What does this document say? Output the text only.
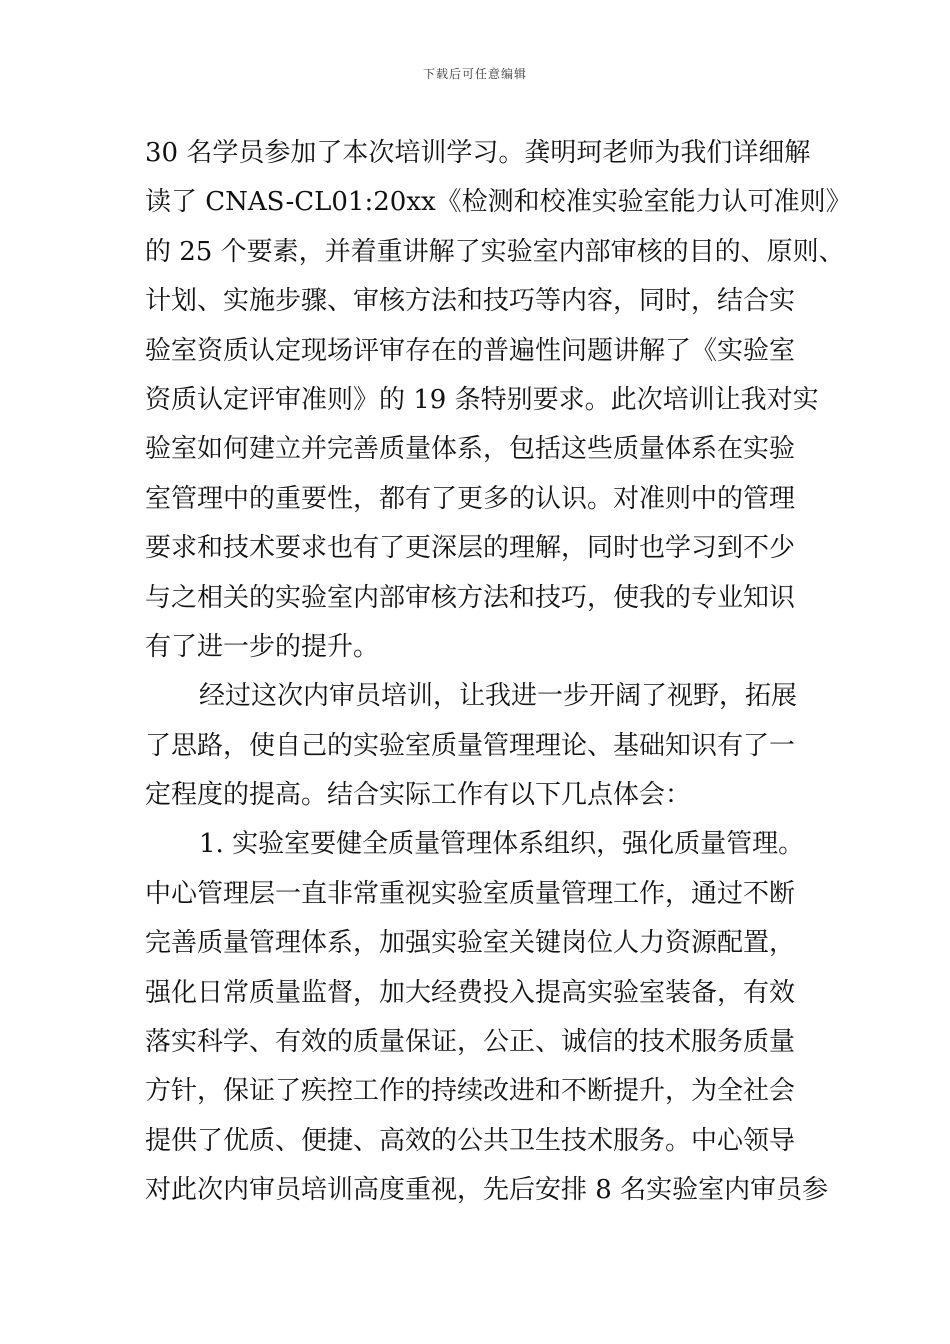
下载后可任意编辑
30 名学员参加了本次培训学习。龚明珂老师为我们详细解
读了 CNAS-CL01:20xx《检测和校准实验室能力认可准则》
的 25 个要素，并着重讲解了实验室内部审核的目的、原则、
计划、实施步骤、审核方法和技巧等内容，同时，结合实
验室资质认定现场评审存在的普遍性问题讲解了《实验室
资质认定评审准则》的 19 条特别要求。此次培训让我对实
验室如何建立并完善质量体系，包括这些质量体系在实验
室管理中的重要性，都有了更多的认识。对准则中的管理
要求和技术要求也有了更深层的理解，同时也学习到不少
与之相关的实验室内部审核方法和技巧，使我的专业知识
有了进一步的提升。
经过这次内审员培训，让我进一步开阔了视野，拓展
了思路，使自己的实验室质量管理理论、基础知识有了一
定程度的提高。结合实际工作有以下几点体会：
1. 实验室要健全质量管理体系组织，强化质量管理。
中心管理层一直非常重视实验室质量管理工作，通过不断
完善质量管理体系，加强实验室关键岗位人力资源配置，
强化日常质量监督，加大经费投入提高实验室装备，有效
落实科学、有效的质量保证，公正、诚信的技术服务质量
方针，保证了疾控工作的持续改进和不断提升，为全社会
提供了优质、便捷、高效的公共卫生技术服务。中心领导
对此次内审员培训高度重视，先后安排 8 名实验室内审员参
